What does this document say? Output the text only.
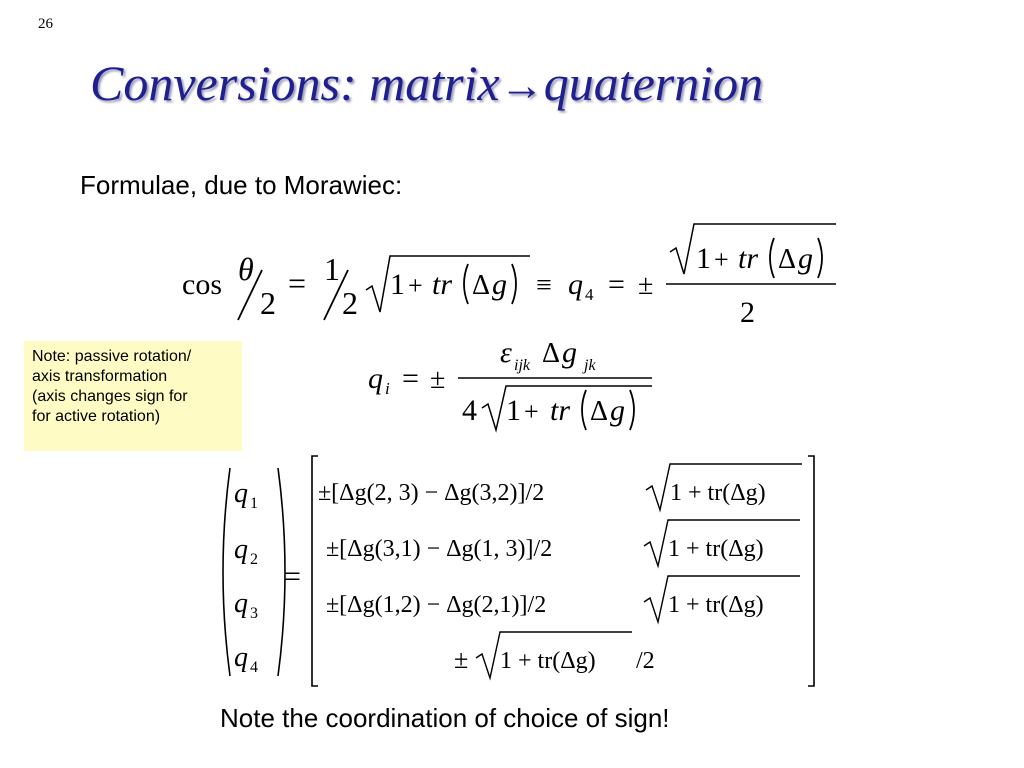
26
Conversions: matrix→quaternion
Formulae, due to Morawiec:
cos θ
2
= 1
2
1 + tr Δ g ≡ q 4 = ±
1 + tr Δ g
2
q i = ±
ε ijk Δ g jk
4 1 + tr Δ g
Note: passive rotation/
axis transformation
(axis changes sign for
for active rotation)
q 1
q 2
q 3
q 4
=
±[Δg(2, 3) − Δg(3,2)]/2	1 + tr(Δg)
±[Δg(3,1) − Δg(1, 3)]/2	1 + tr(Δg)
±[Δg(1,2) − Δg(2,1)]/2	1 + tr(Δg)
± 1 + tr(Δg) /2
Note the coordination of choice of sign!
